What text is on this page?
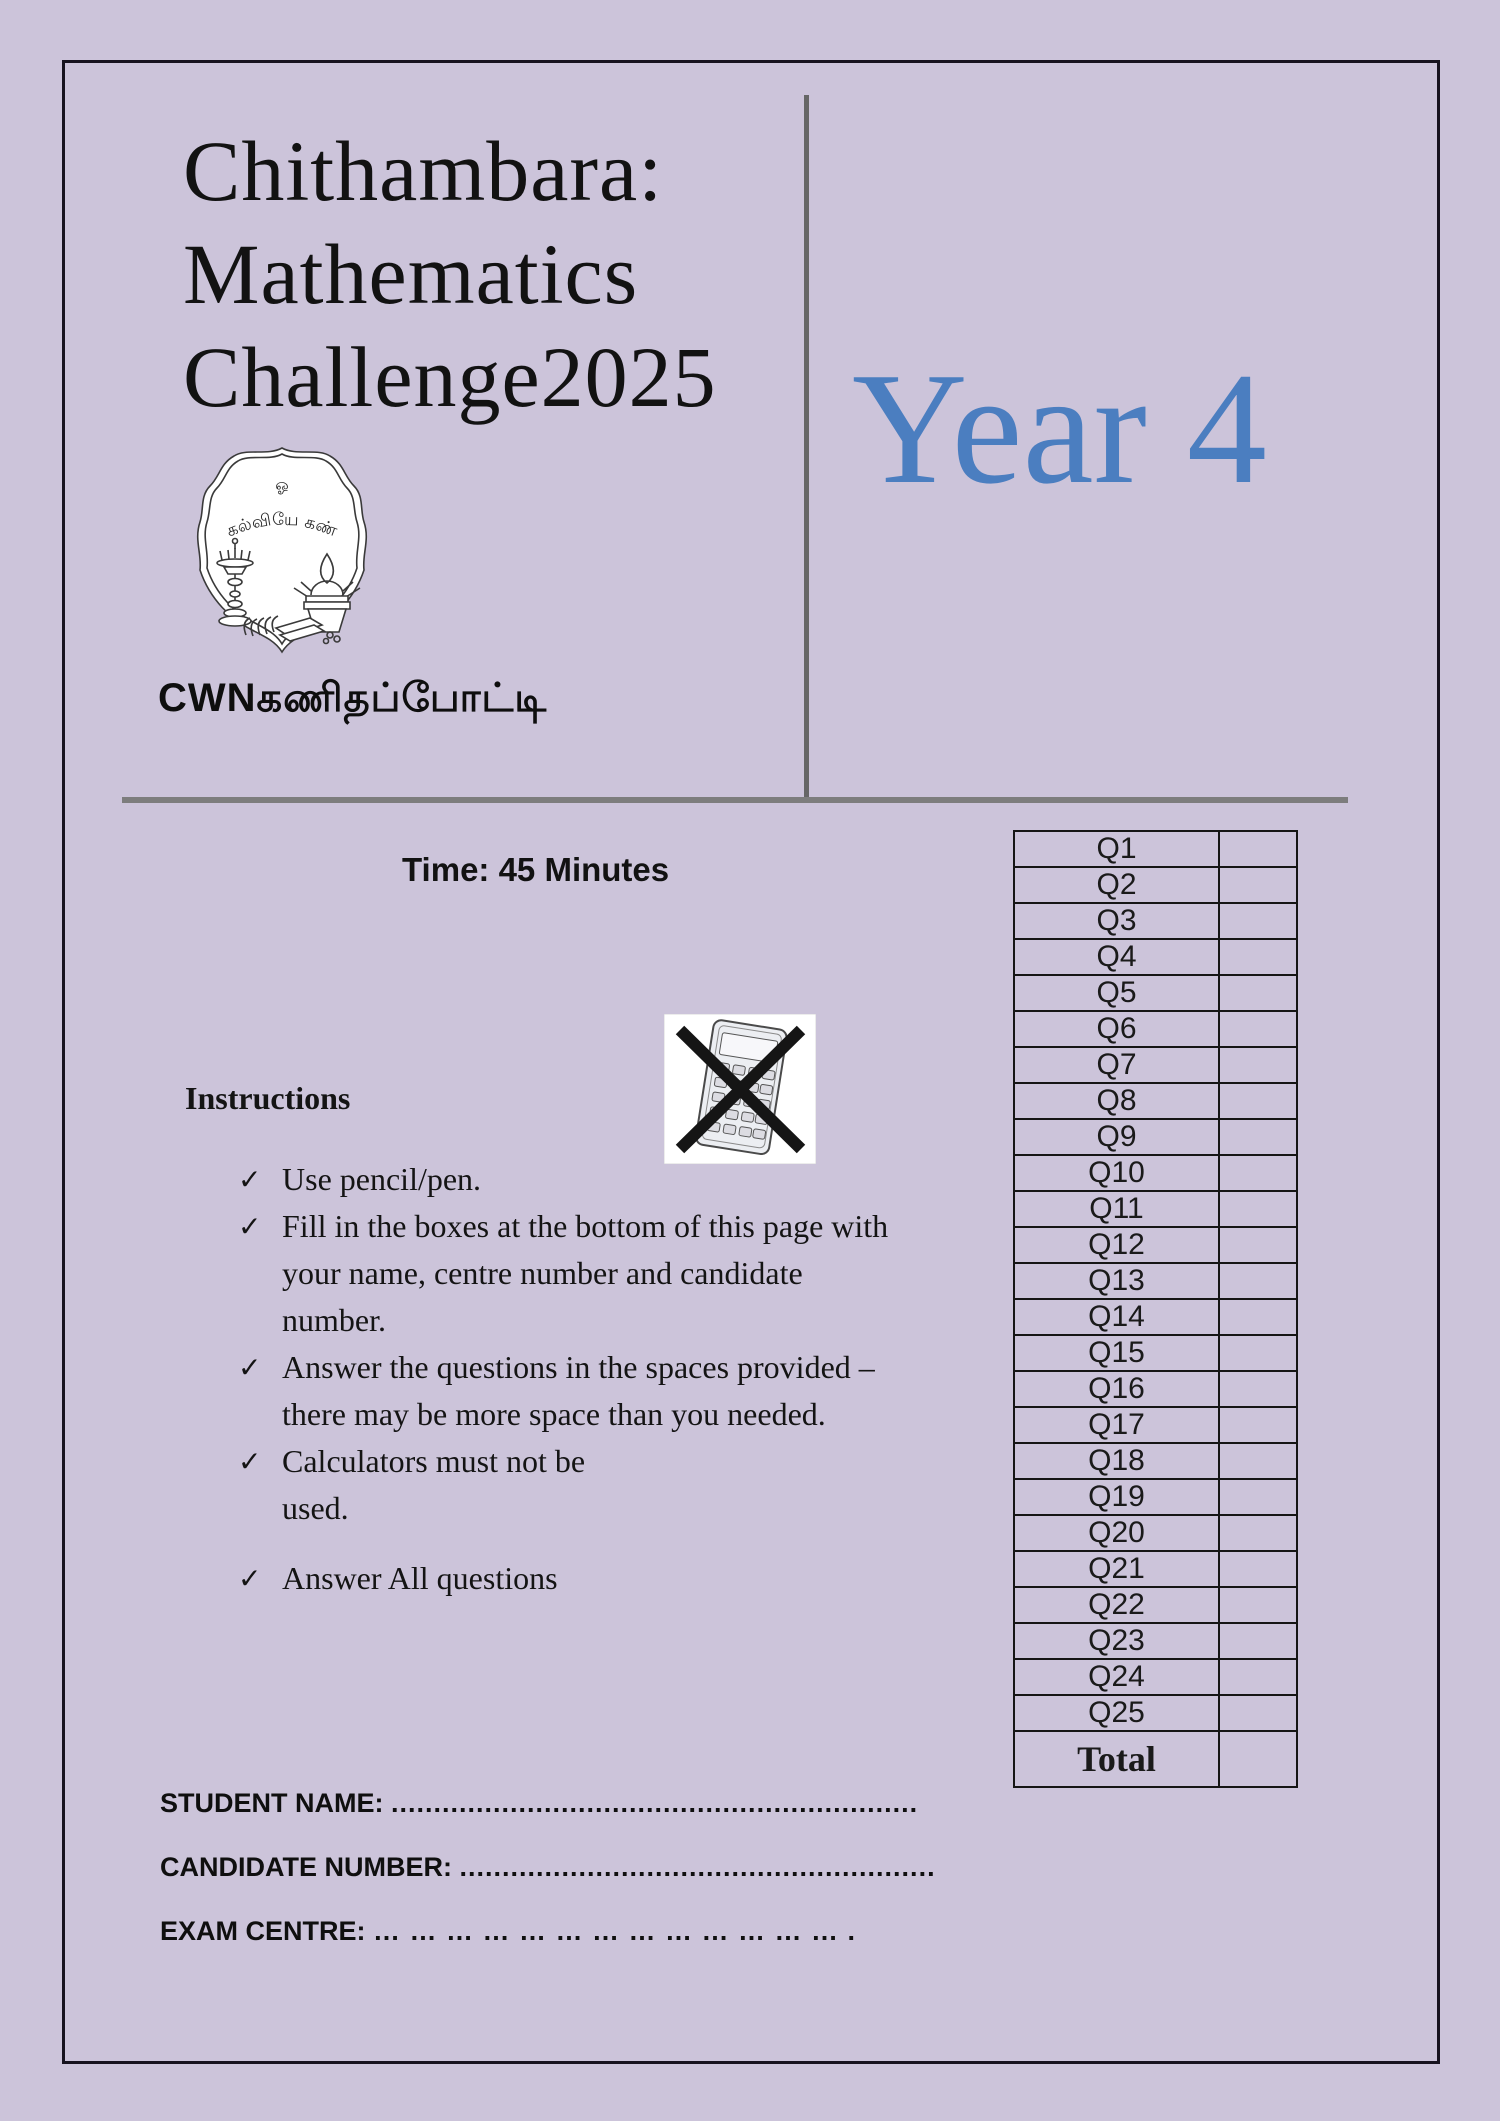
Chithambara:
Mathematics
Challenge2025 Year 4
ஓ
கல்வியே கண்
CWNகணிதப்போட்டி
Time: 45 Minutes
Instructions
✓ Use pencil/pen.
✓ Fill in the boxes at the bottom of this page with
your name, centre number and candidate
number.
✓ Answer the questions in the spaces provided –
there may be more space than you needed.
✓ Calculators must not be
used.
✓ Answer All questions
Q1	
Q2	
Q3	
Q4	
Q5	
Q6	
Q7	
Q8	
Q9	
Q10	
Q11	
Q12	
Q13	
Q14	
Q15	
Q16	
Q17	
Q18	
Q19	
Q20	
Q21	
Q22	
Q23	
Q24	
Q25	
Total	
STUDENT NAME: ..............................................................
CANDIDATE NUMBER: ........................................................
EXAM CENTRE: … … … … … … … … … … … … … .
